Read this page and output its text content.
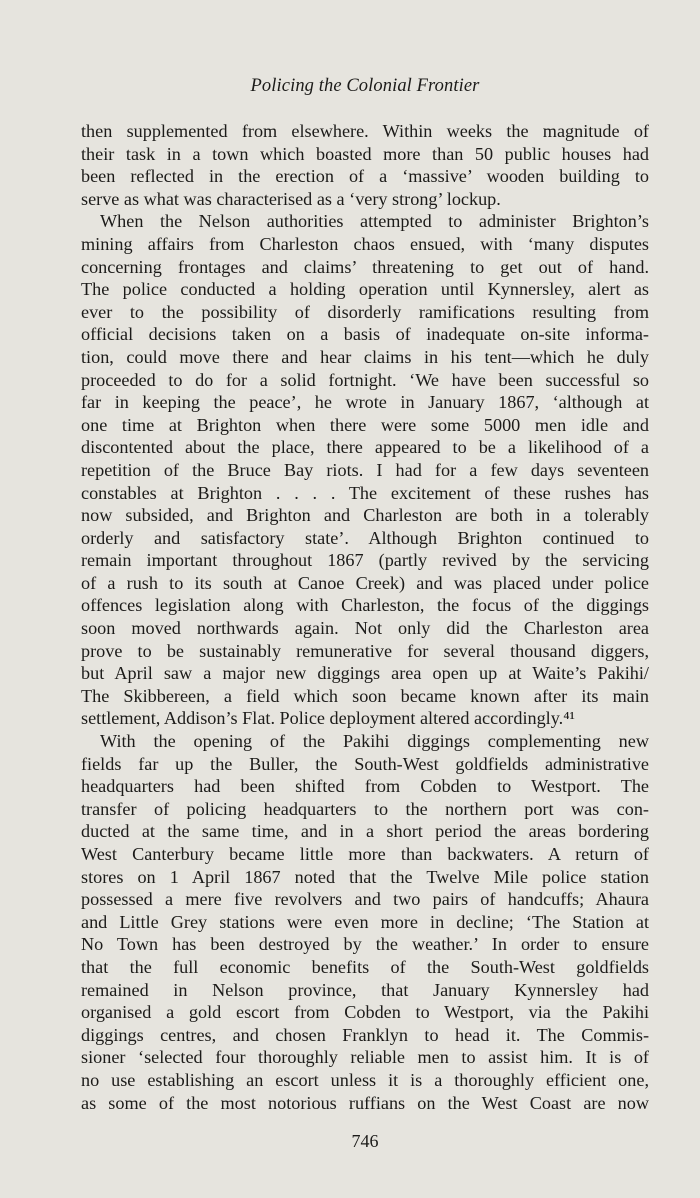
Policing the Colonial Frontier
then supplemented from elsewhere. Within weeks the magnitude of
their task in a town which boasted more than 50 public houses had
been reflected in the erection of a ‘massive’ wooden building to
serve as what was characterised as a ‘very strong’ lockup.
When the Nelson authorities attempted to administer Brighton’s
mining affairs from Charleston chaos ensued, with ‘many disputes
concerning frontages and claims’ threatening to get out of hand.
The police conducted a holding operation until Kynnersley, alert as
ever to the possibility of disorderly ramifications resulting from
official decisions taken on a basis of inadequate on-site informa-
tion, could move there and hear claims in his tent—which he duly
proceeded to do for a solid fortnight. ‘We have been successful so
far in keeping the peace’, he wrote in January 1867, ‘although at
one time at Brighton when there were some 5000 men idle and
discontented about the place, there appeared to be a likelihood of a
repetition of the Bruce Bay riots. I had for a few days seventeen
constables at Brighton . . . . The excitement of these rushes has
now subsided, and Brighton and Charleston are both in a tolerably
orderly and satisfactory state’. Although Brighton continued to
remain important throughout 1867 (partly revived by the servicing
of a rush to its south at Canoe Creek) and was placed under police
offences legislation along with Charleston, the focus of the diggings
soon moved northwards again. Not only did the Charleston area
prove to be sustainably remunerative for several thousand diggers,
but April saw a major new diggings area open up at Waite’s Pakihi/
The Skibbereen, a field which soon became known after its main
settlement, Addison’s Flat. Police deployment altered accordingly.⁴¹
With the opening of the Pakihi diggings complementing new
fields far up the Buller, the South-West goldfields administrative
headquarters had been shifted from Cobden to Westport. The
transfer of policing headquarters to the northern port was con-
ducted at the same time, and in a short period the areas bordering
West Canterbury became little more than backwaters. A return of
stores on 1 April 1867 noted that the Twelve Mile police station
possessed a mere five revolvers and two pairs of handcuffs; Ahaura
and Little Grey stations were even more in decline; ‘The Station at
No Town has been destroyed by the weather.’ In order to ensure
that the full economic benefits of the South-West goldfields
remained in Nelson province, that January Kynnersley had
organised a gold escort from Cobden to Westport, via the Pakihi
diggings centres, and chosen Franklyn to head it. The Commis-
sioner ‘selected four thoroughly reliable men to assist him. It is of
no use establishing an escort unless it is a thoroughly efficient one,
as some of the most notorious ruffians on the West Coast are now
746
